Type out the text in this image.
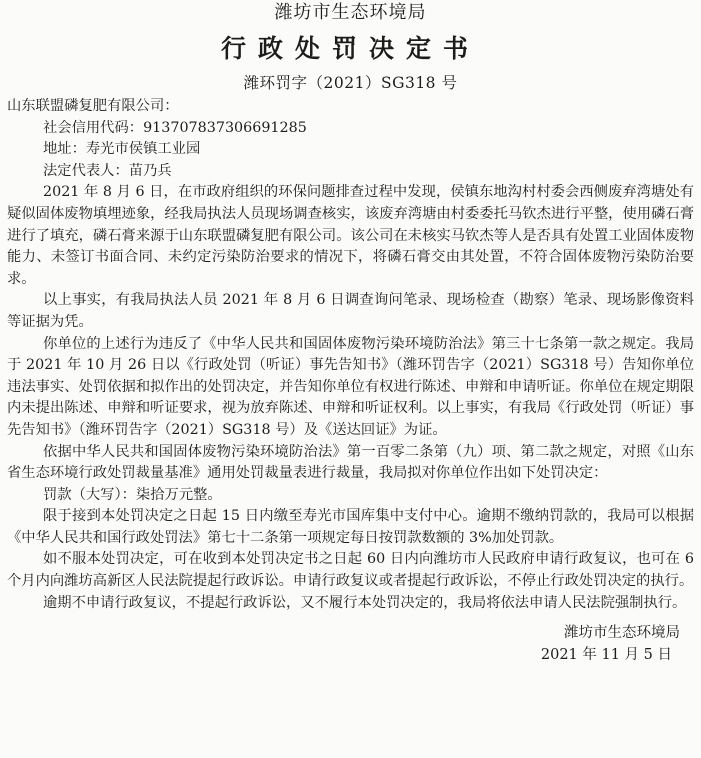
潍坊市生态环境局
行政处罚决定书
潍环罚字（2021）SG318 号

山东联盟磷复肥有限公司：

社会信用代码：913707837306691285

地址：寿光市侯镇工业园

法定代表人：苗乃兵

2021 年 8 月 6 日，在市政府组织的环保问题排查过程中发现，侯镇东地沟村村委会西侧废弃湾塘处有疑似固体废物填埋迹象，经我局执法人员现场调查核实，该废弃湾塘由村委委托马钦杰进行平整，使用磷石膏进行了填充，磷石膏来源于山东联盟磷复肥有限公司。该公司在未核实马钦杰等人是否具有处置工业固体废物能力、未签订书面合同、未约定污染防治要求的情况下，将磷石膏交由其处置，不符合固体废物污染防治要求。

以上事实，有我局执法人员 2021 年 8 月 6 日调查询问笔录、现场检查（勘察）笔录、现场影像资料等证据为凭。

你单位的上述行为违反了《中华人民共和国固体废物污染环境防治法》第三十七条第一款之规定。我局于 2021 年 10 月 26 日以《行政处罚（听证）事先告知书》（潍环罚告字（2021）SG318 号）告知你单位违法事实、处罚依据和拟作出的处罚决定，并告知你单位有权进行陈述、申辩和申请听证。你单位在规定期限内未提出陈述、申辩和听证要求，视为放弃陈述、申辩和听证权利。以上事实，有我局《行政处罚（听证）事先告知书》（潍环罚告字（2021）SG318 号）及《送达回证》为证。

依据中华人民共和国固体废物污染环境防治法》第一百零二条第（九）项、第二款之规定，对照《山东省生态环境行政处罚裁量基准》通用处罚裁量表进行裁量，我局拟对你单位作出如下处罚决定：

罚款（大写）：柒拾万元整。

限于接到本处罚决定之日起 15 日内缴至寿光市国库集中支付中心。逾期不缴纳罚款的，我局可以根据《中华人民共和国行政处罚法》第七十二条第一项规定每日按罚款数额的 3%加处罚款。

如不服本处罚决定，可在收到本处罚决定书之日起 60 日内向潍坊市人民政府申请行政复议，也可在 6 个月内向潍坊高新区人民法院提起行政诉讼。申请行政复议或者提起行政诉讼，不停止行政处罚决定的执行。

逾期不申请行政复议，不提起行政诉讼，又不履行本处罚决定的，我局将依法申请人民法院强制执行。

潍坊市生态环境局
2021 年 11 月 5 日
